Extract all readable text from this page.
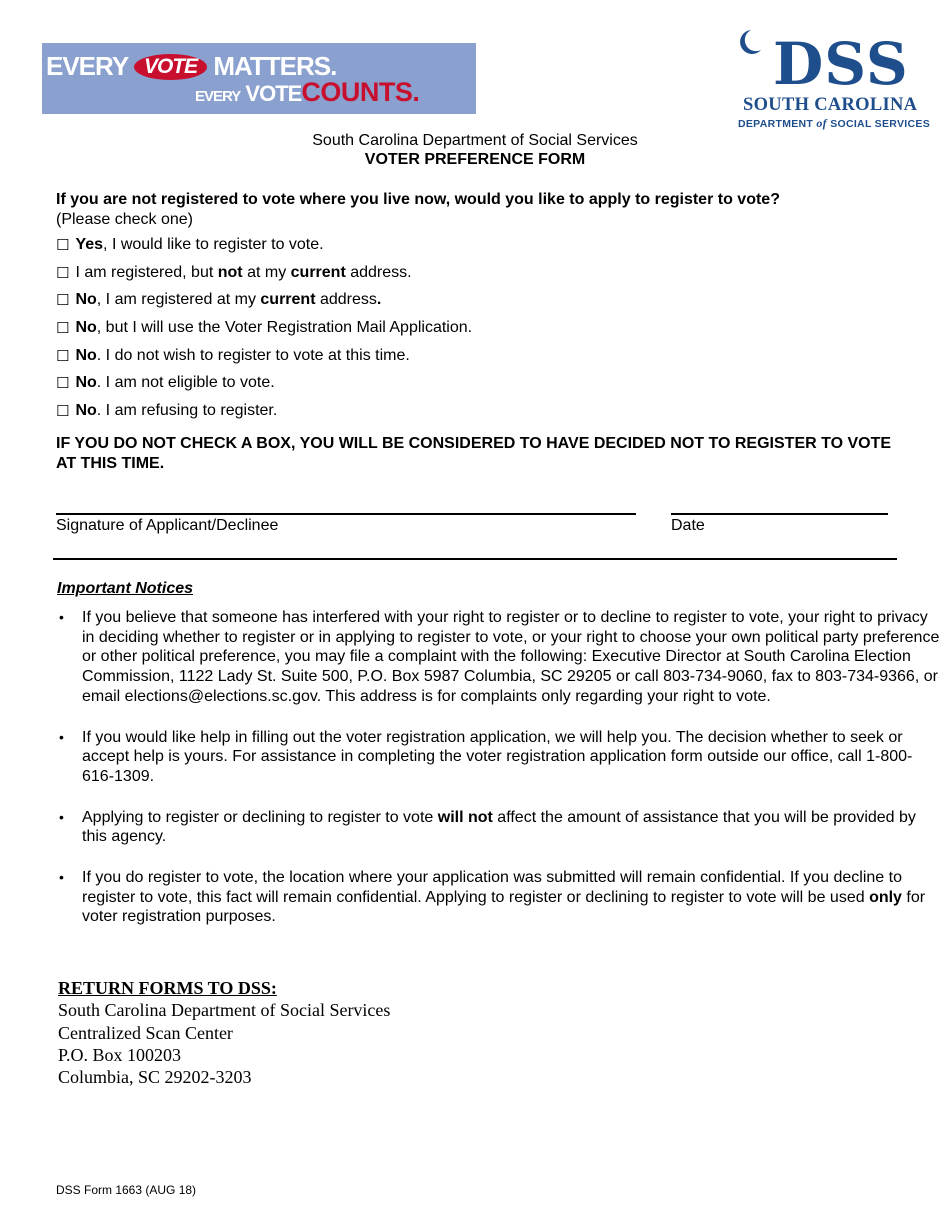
EVERY VOTE MATTERS.
EVERY VOTECOUNTS.	DSS
SOUTH CAROLINA
DEPARTMENT of SOCIAL SERVICES
South Carolina Department of Social Services
VOTER PREFERENCE FORM
If you are not registered to vote where you live now, would you like to apply to register to vote?
(Please check one)
☐ Yes, I would like to register to vote.
☐ I am registered, but not at my current address.
☐ No, I am registered at my current address.
☐ No, but I will use the Voter Registration Mail Application.
☐ No. I do not wish to register to vote at this time.
☐ No. I am not eligible to vote.
☐ No. I am refusing to register.
IF YOU DO NOT CHECK A BOX, YOU WILL BE CONSIDERED TO HAVE DECIDED NOT TO REGISTER TO VOTE AT THIS TIME.
Signature of Applicant/Declinee	Date
Important Notices
• If you believe that someone has interfered with your right to register or to decline to register to vote, your right to privacy in deciding whether to register or in applying to register to vote, or your right to choose your own political party preference or other political preference, you may file a complaint with the following: Executive Director at South Carolina Election Commission, 1122 Lady St. Suite 500, P.O. Box 5987 Columbia, SC 29205 or call 803-734-9060, fax to 803-734-9366, or email elections@elections.sc.gov. This address is for complaints only regarding your right to vote.
• If you would like help in filling out the voter registration application, we will help you. The decision whether to seek or accept help is yours. For assistance in completing the voter registration application form outside our office, call 1-800-616-1309.
• Applying to register or declining to register to vote will not affect the amount of assistance that you will be provided by this agency.
• If you do register to vote, the location where your application was submitted will remain confidential. If you decline to register to vote, this fact will remain confidential. Applying to register or declining to register to vote will be used only for voter registration purposes.
RETURN FORMS TO DSS:
South Carolina Department of Social Services
Centralized Scan Center
P.O. Box 100203
Columbia, SC 29202-3203
DSS Form 1663 (AUG 18)
